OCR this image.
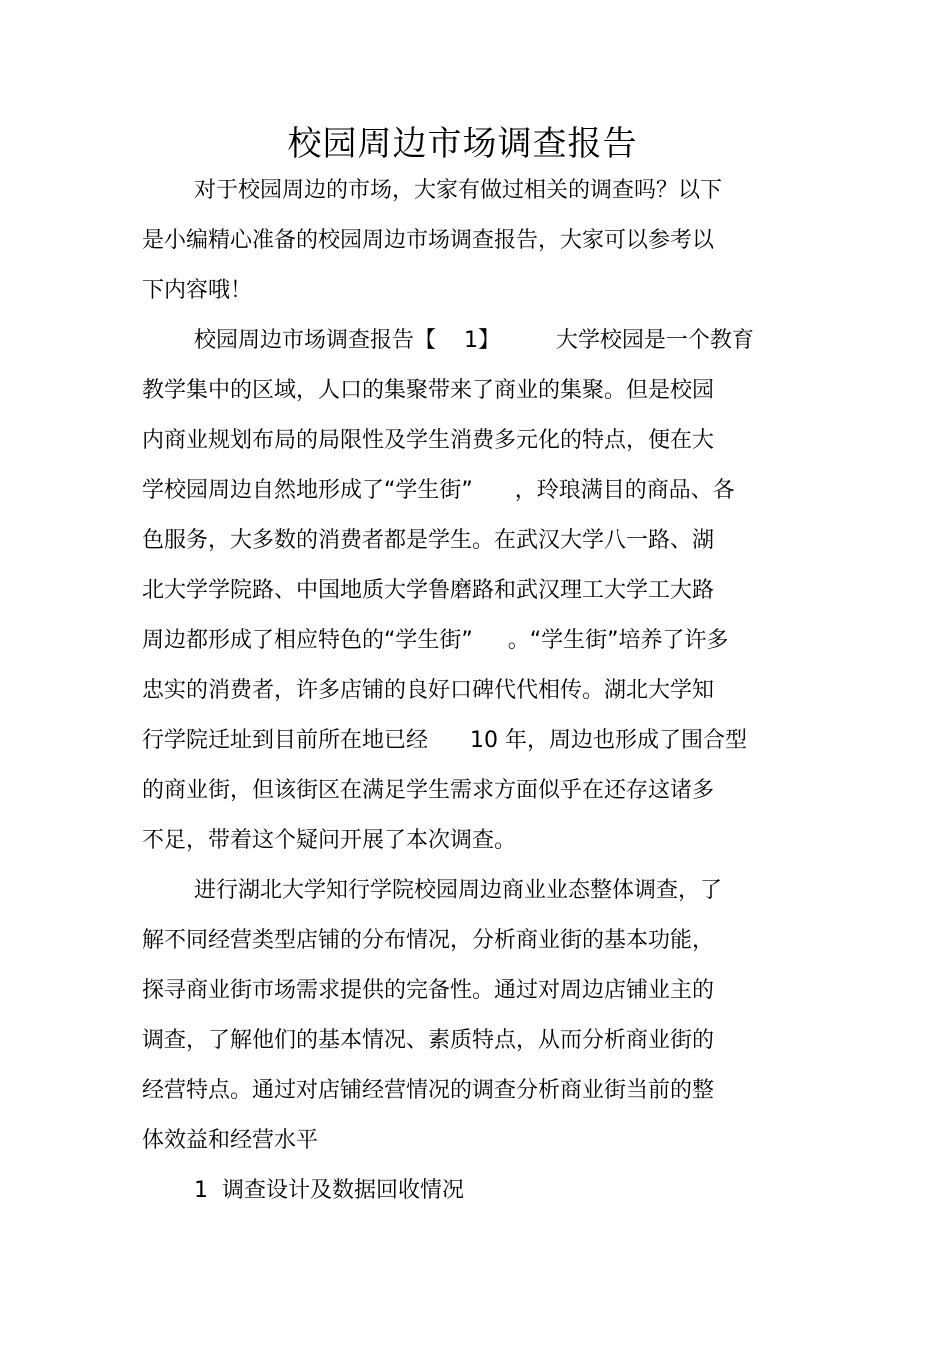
校园周边市场调查报告
对于校园周边的市场，大家有做过相关的调查吗？以下
是小编精心准备的校园周边市场调查报告，大家可以参考以
下内容哦！
校园周边市场调查报告【    1】        大学校园是一个教育
教学集中的区域，人口的集聚带来了商业的集聚。但是校园
内商业规划布局的局限性及学生消费多元化的特点，便在大
学校园周边自然地形成了“学生街”      ，玲琅满目的商品、各
色服务，大多数的消费者都是学生。在武汉大学八一路、湖
北大学学院路、中国地质大学鲁磨路和武汉理工大学工大路
周边都形成了相应特色的“学生街”     。“学生街”培养了许多
忠实的消费者，许多店铺的良好口碑代代相传。湖北大学知
行学院迁址到目前所在地已经      10 年，周边也形成了围合型
的商业街，但该街区在满足学生需求方面似乎在还存这诸多
不足，带着这个疑问开展了本次调查。
进行湖北大学知行学院校园周边商业业态整体调查，了
解不同经营类型店铺的分布情况，分析商业街的基本功能，
探寻商业街市场需求提供的完备性。通过对周边店铺业主的
调查，了解他们的基本情况、素质特点，从而分析商业街的
经营特点。通过对店铺经营情况的调查分析商业街当前的整
体效益和经营水平
1  调查设计及数据回收情况
